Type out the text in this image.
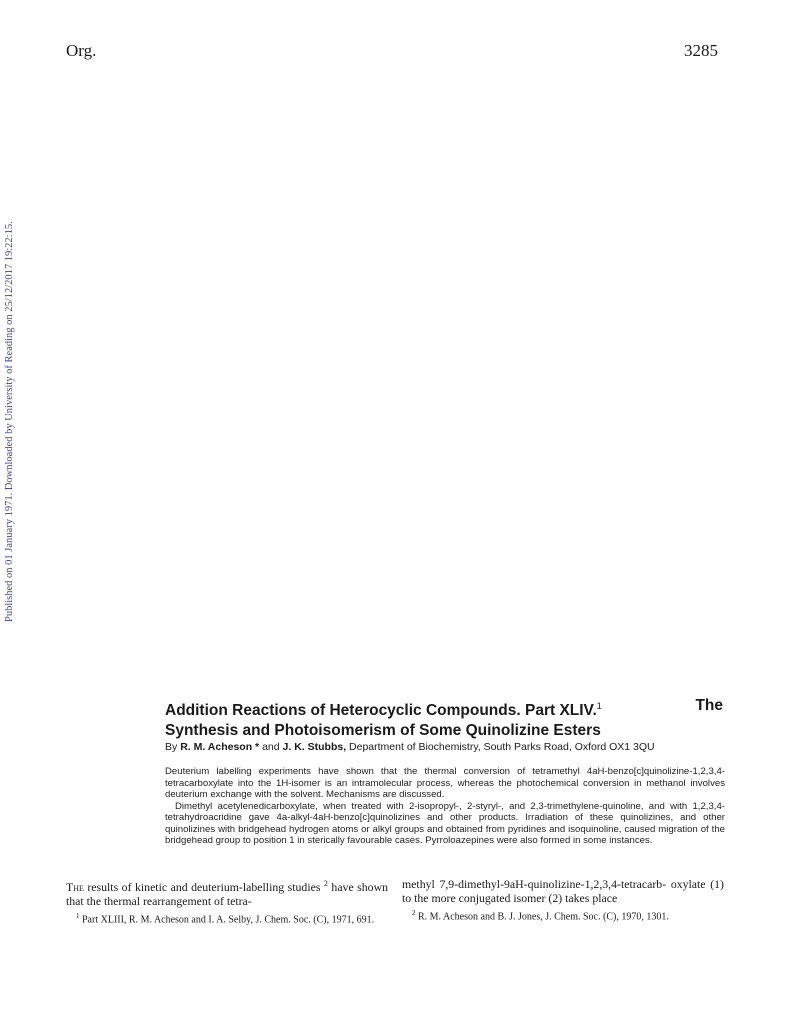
Org.	3285
Published on 01 January 1971. Downloaded by University of Reading on 25/12/2017 19:22:15.
Addition Reactions of Heterocyclic Compounds. Part XLIV.$^1$	The
Synthesis and Photoisomerism of Some Quinolizine Esters
By R. M. Acheson * and J. K. Stubbs, Department of Biochemistry, South Parks Road, Oxford OX1 3QU

Deuterium labelling experiments have shown that the thermal conversion of tetramethyl 4aH-benzo[c]quinolizine-1,2,3,4-tetracarboxylate into the 1H-isomer is an intramolecular process, whereas the photochemical conversion in methanol involves deuterium exchange with the solvent. Mechanisms are discussed.

Dimethyl acetylenedicarboxylate, when treated with 2-isopropyl-, 2-styryl-, and 2,3-trimethylene-quinoline, and with 1,2,3,4-tetrahydroacridine gave 4a-alkyl-4aH-benzo[c]quinolizines and other products. Irradiation of these quinolizines, and other quinolizines with bridgehead hydrogen atoms or alkyl groups and obtained from pyridines and isoquinoline, caused migration of the bridgehead group to position 1 in sterically favourable cases. Pyrroloazepines were also formed in some instances.

The results of kinetic and deuterium-labelling studies $^2$ have shown that the thermal rearrangement of tetra-

$^1$ Part XLIII, R. M. Acheson and I. A. Selby, J. Chem. Soc. (C), 1971, 691.

methyl 7,9-dimethyl-9aH-quinolizine-1,2,3,4-tetracarb- oxylate (1) to the more conjugated isomer (2) takes place

$^2$ R. M. Acheson and B. J. Jones, J. Chem. Soc. (C), 1970, 1301.
